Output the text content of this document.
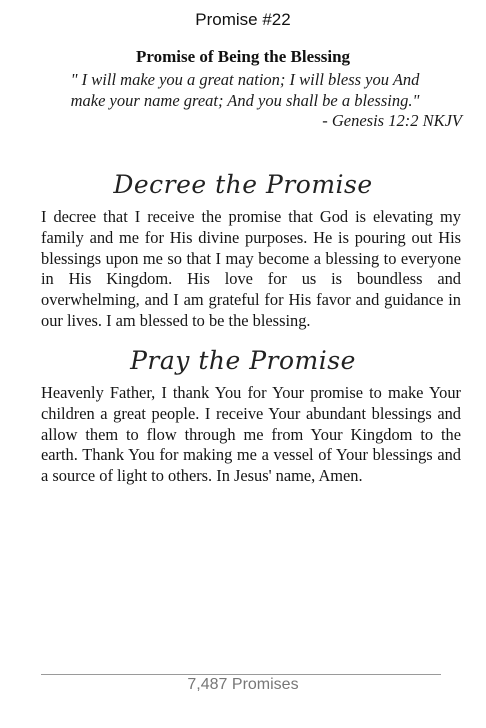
Promise #22
Promise of Being the Blessing
" I will make you a great nation; I will bless you And make your name great; And you shall be a blessing."
- Genesis 12:2 NKJV
Decree the Promise
I decree that I receive the promise that God is elevating my family and me for His divine purposes. He is pouring out His blessings upon me so that I may become a blessing to everyone in His Kingdom. His love for us is boundless and overwhelming, and I am grateful for His favor and guidance in our lives. I am blessed to be the blessing.
Pray the Promise
Heavenly Father, I thank You for Your promise to make Your children a great people. I receive Your abundant blessings and allow them to flow through me from Your Kingdom to the earth. Thank You for making me a vessel of Your blessings and a source of light to others. In Jesus' name, Amen.
7,487 Promises
